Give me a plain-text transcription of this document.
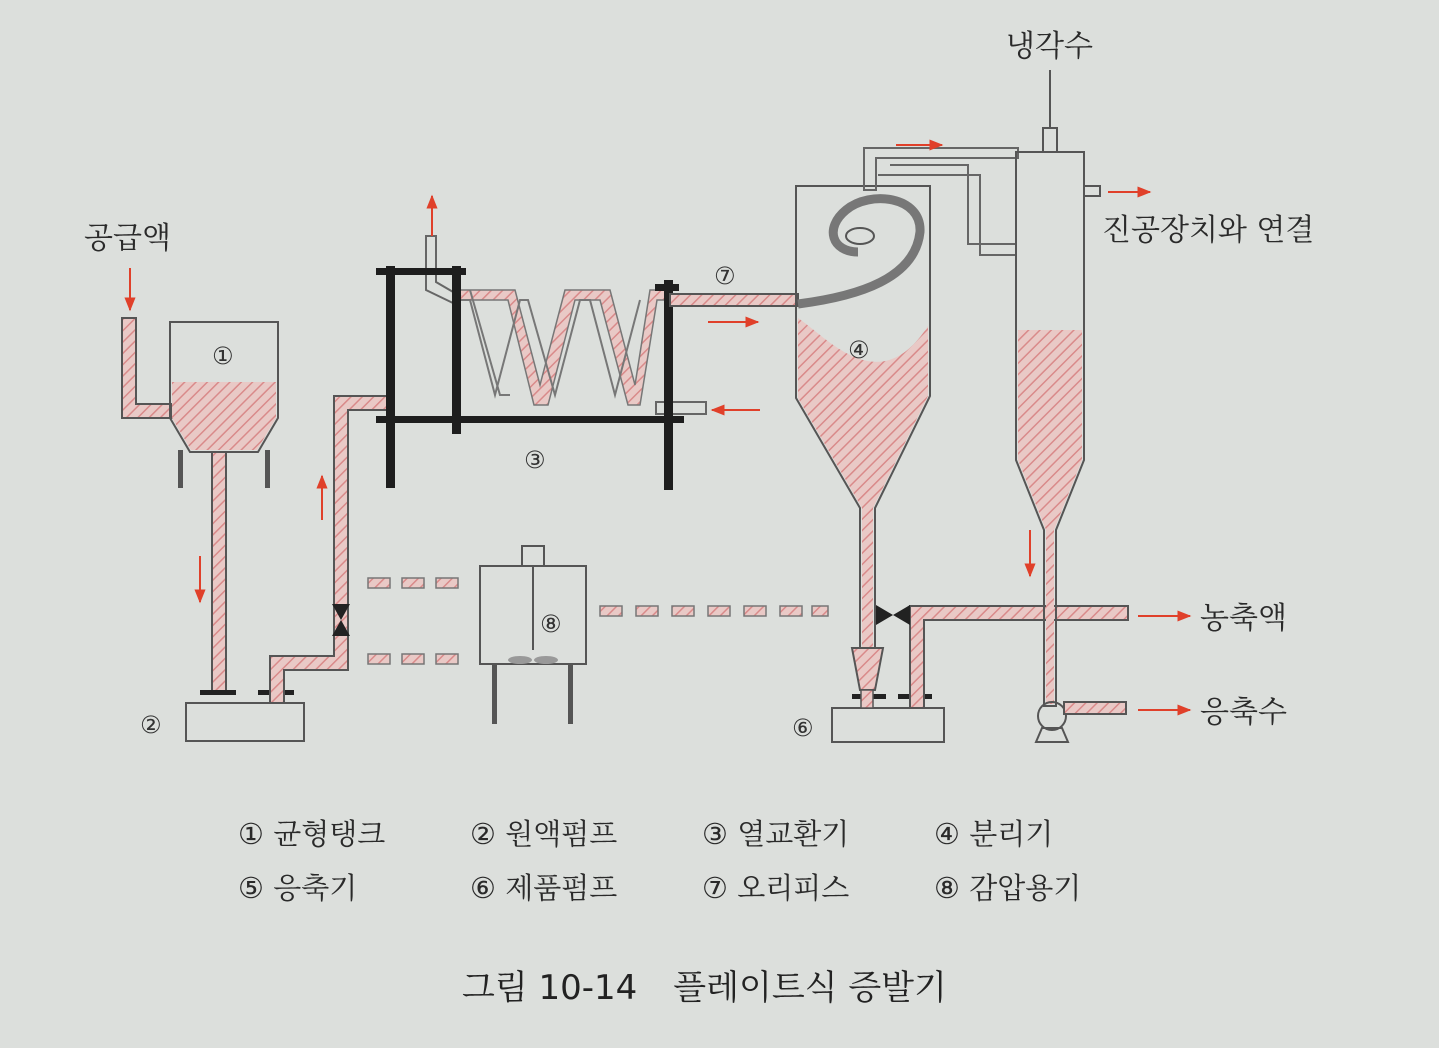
공급액
냉각수
진공장치와 연결
농축액
응축수
①
②
③
④
⑥
⑦
⑧
① 균형탱크	② 원액펌프	③ 열교환기	④ 분리기
⑤ 응축기	⑥ 제품펌프	⑦ 오리피스	⑧ 감압용기
그림 10-14 플레이트식 증발기
